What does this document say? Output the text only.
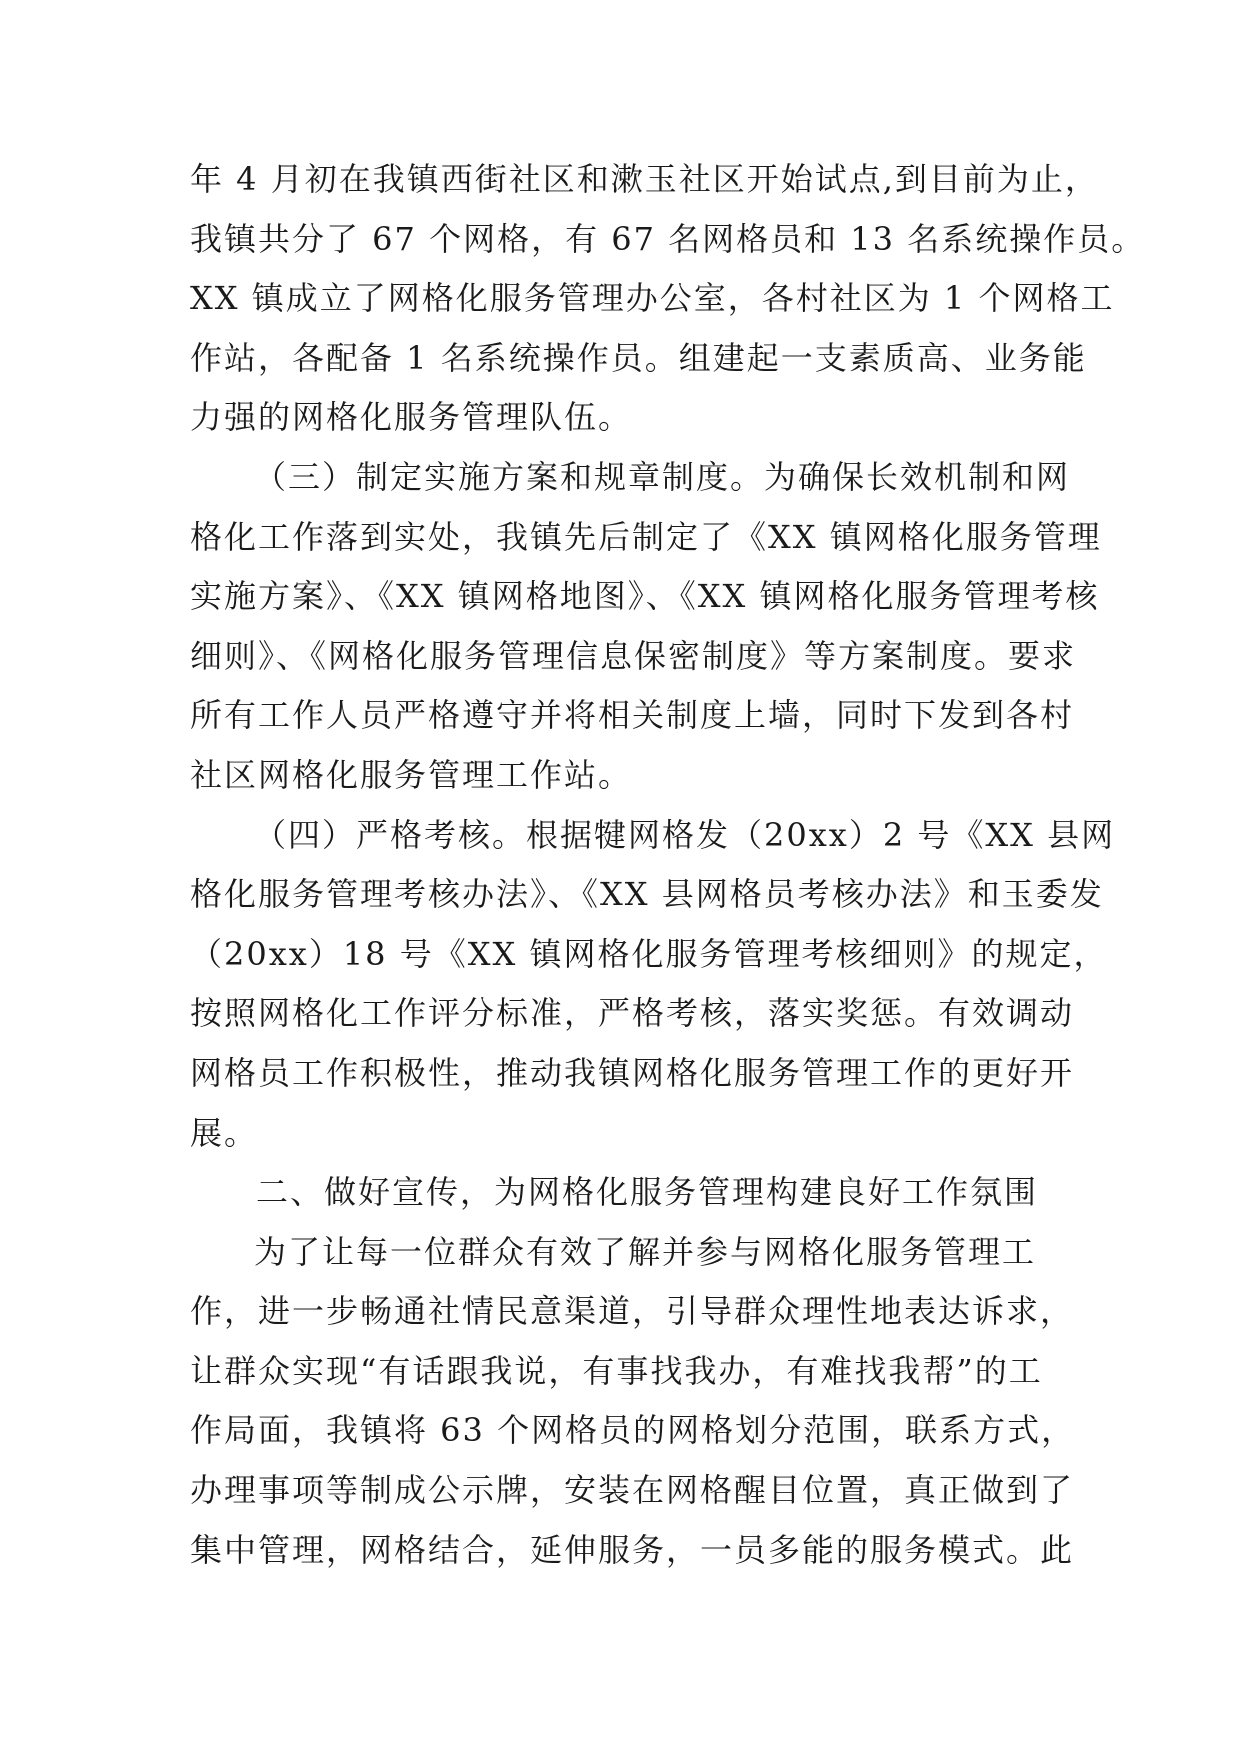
年 4 月初在我镇西街社区和漱玉社区开始试点,到目前为止，
我镇共分了 67 个网格，有 67 名网格员和 13 名系统操作员。
XX 镇成立了网格化服务管理办公室，各村社区为 1 个网格工
作站，各配备 1 名系统操作员。组建起一支素质高、业务能
力强的网格化服务管理队伍。
（三）制定实施方案和规章制度。为确保长效机制和网
格化工作落到实处，我镇先后制定了《XX 镇网格化服务管理
实施方案》、《XX 镇网格地图》、《XX 镇网格化服务管理考核
细则》、《网格化服务管理信息保密制度》等方案制度。要求
所有工作人员严格遵守并将相关制度上墙，同时下发到各村
社区网格化服务管理工作站。
（四）严格考核。根据犍网格发（20xx）2 号《XX 县网
格化服务管理考核办法》、《XX 县网格员考核办法》和玉委发
（20xx）18 号《XX 镇网格化服务管理考核细则》的规定，
按照网格化工作评分标准，严格考核，落实奖惩。有效调动
网格员工作积极性，推动我镇网格化服务管理工作的更好开
展。
二、做好宣传，为网格化服务管理构建良好工作氛围
为了让每一位群众有效了解并参与网格化服务管理工
作，进一步畅通社情民意渠道，引导群众理性地表达诉求，
让群众实现“有话跟我说，有事找我办，有难找我帮”的工
作局面，我镇将 63 个网格员的网格划分范围，联系方式，
办理事项等制成公示牌，安装在网格醒目位置，真正做到了
集中管理，网格结合，延伸服务，一员多能的服务模式。此
